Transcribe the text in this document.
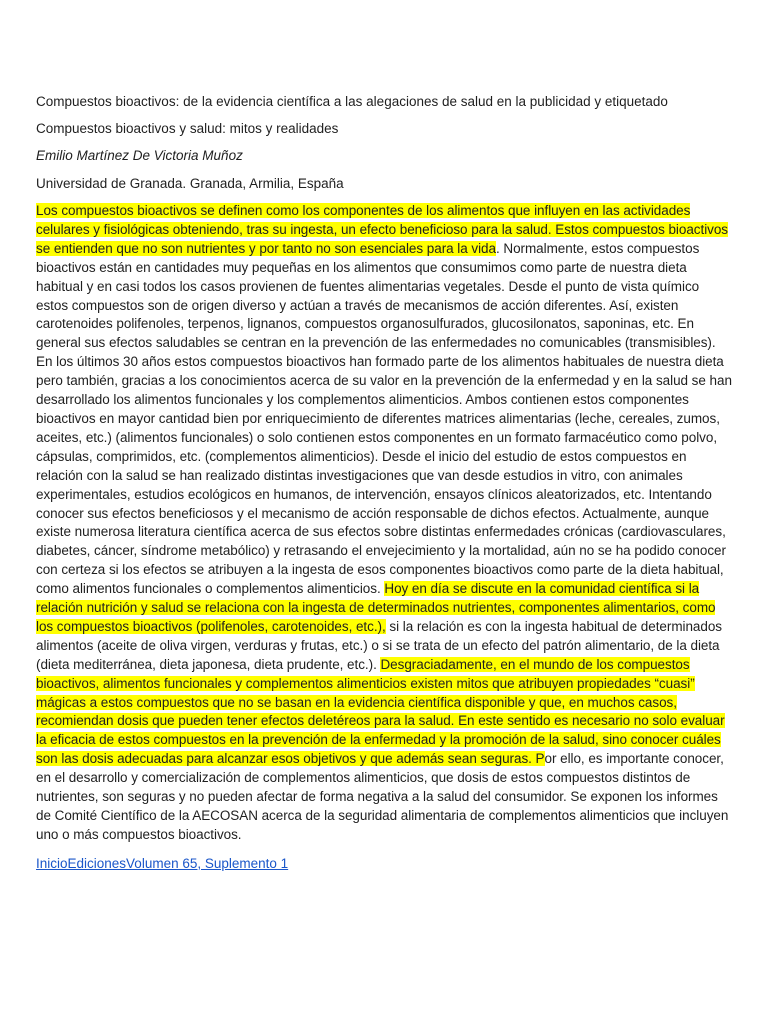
Compuestos bioactivos: de la evidencia científica a las alegaciones de salud en la publicidad y etiquetado

Compuestos bioactivos y salud: mitos y realidades

Emilio Martínez De Victoria Muñoz

Universidad de Granada. Granada, Armilia, España

Los compuestos bioactivos se definen como los componentes de los alimentos que influyen en las actividades celulares y fisiológicas obteniendo, tras su ingesta, un efecto beneficioso para la salud. Estos compuestos bioactivos se entienden que no son nutrientes y por tanto no son esenciales para la vida. Normalmente, estos compuestos bioactivos están en cantidades muy pequeñas en los alimentos que consumimos como parte de nuestra dieta habitual y en casi todos los casos provienen de fuentes alimentarias vegetales. Desde el punto de vista químico estos compuestos son de origen diverso y actúan a través de mecanismos de acción diferentes. Así, existen carotenoides polifenoles, terpenos, lignanos, compuestos organosulfurados, glucosilonatos, saponinas, etc. En general sus efectos saludables se centran en la prevención de las enfermedades no comunicables (transmisibles). En los últimos 30 años estos compuestos bioactivos han formado parte de los alimentos habituales de nuestra dieta pero también, gracias a los conocimientos acerca de su valor en la prevención de la enfermedad y en la salud se han desarrollado los alimentos funcionales y los complementos alimenticios. Ambos contienen estos componentes bioactivos en mayor cantidad bien por enriquecimiento de diferentes matrices alimentarias (leche, cereales, zumos, aceites, etc.) (alimentos funcionales) o solo contienen estos componentes en un formato farmacéutico como polvo, cápsulas, comprimidos, etc. (complementos alimenticios). Desde el inicio del estudio de estos compuestos en relación con la salud se han realizado distintas investigaciones que van desde estudios in vitro, con animales experimentales, estudios ecológicos en humanos, de intervención, ensayos clínicos aleatorizados, etc. Intentando conocer sus efectos beneficiosos y el mecanismo de acción responsable de dichos efectos. Actualmente, aunque existe numerosa literatura científica acerca de sus efectos sobre distintas enfermedades crónicas (cardiovasculares, diabetes, cáncer, síndrome metabólico) y retrasando el envejecimiento y la mortalidad, aún no se ha podido conocer con certeza si los efectos se atribuyen a la ingesta de esos componentes bioactivos como parte de la dieta habitual, como alimentos funcionales o complementos alimenticios. Hoy en día se discute en la comunidad científica si la relación nutrición y salud se relaciona con la ingesta de determinados nutrientes, componentes alimentarios, como los compuestos bioactivos (polifenoles, carotenoides, etc.), si la relación es con la ingesta habitual de determinados alimentos (aceite de oliva virgen, verduras y frutas, etc.) o si se trata de un efecto del patrón alimentario, de la dieta (dieta mediterránea, dieta japonesa, dieta prudente, etc.). Desgraciadamente, en el mundo de los compuestos bioactivos, alimentos funcionales y complementos alimenticios existen mitos que atribuyen propiedades “cuasi” mágicas a estos compuestos que no se basan en la evidencia científica disponible y que, en muchos casos, recomiendan dosis que pueden tener efectos deletéreos para la salud. En este sentido es necesario no solo evaluar la eficacia de estos compuestos en la prevención de la enfermedad y la promoción de la salud, sino conocer cuáles son las dosis adecuadas para alcanzar esos objetivos y que además sean seguras. Por ello, es importante conocer, en el desarrollo y comercialización de complementos alimenticios, que dosis de estos compuestos distintos de nutrientes, son seguras y no pueden afectar de forma negativa a la salud del consumidor. Se exponen los informes de Comité Científico de la AECOSAN acerca de la seguridad alimentaria de complementos alimenticios que incluyen uno o más compuestos bioactivos.

InicioEdicionesVolumen 65, Suplemento 1
